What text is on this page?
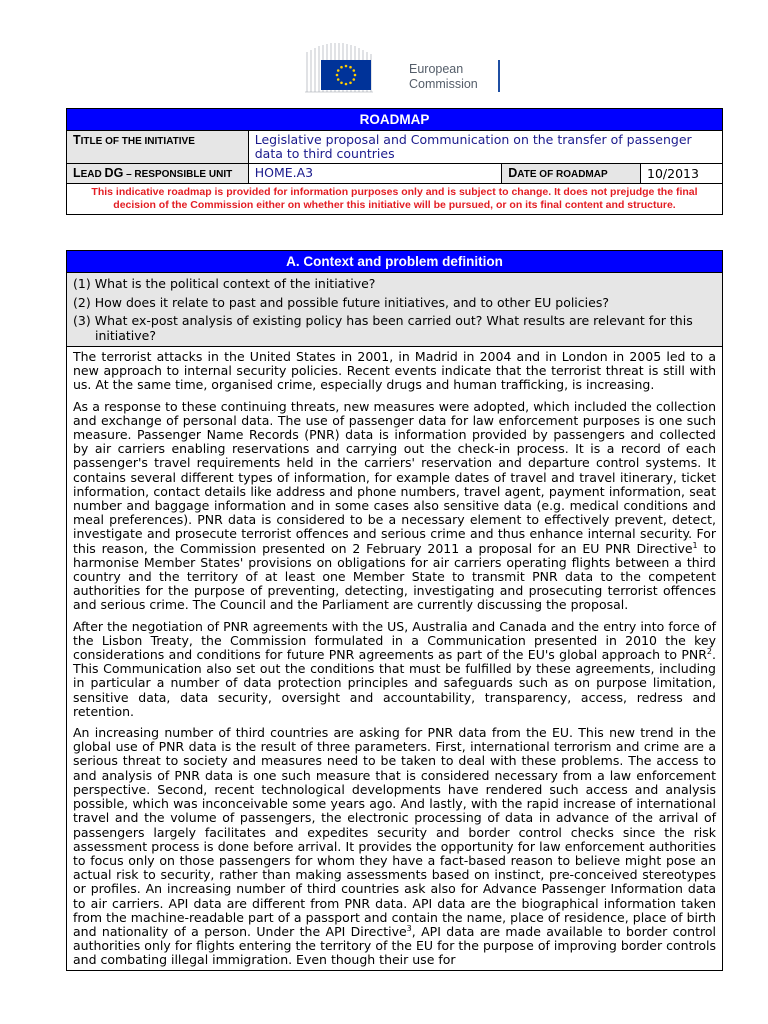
European
Commission
ROADMAP			
TITLE OF THE INITIATIVE	Legislative proposal and Communication on the transfer of passenger data to third countries		
LEAD DG – RESPONSIBLE UNIT	HOME.A3	DATE OF ROADMAP	10/2013
This indicative roadmap is provided for information purposes only and is subject to change. It does not prejudge the final decision of the Commission either on whether this initiative will be pursued, or on its final content and structure.			
A. Context and problem definition

(1) What is the political context of the initiative?
(2) How does it relate to past and possible future initiatives, and to other EU policies?
(3) What ex-post analysis of existing policy has been carried out? What results are relevant for this initiative?

The terrorist attacks in the United States in 2001, in Madrid in 2004 and in London in 2005 led to a new approach to internal security policies. Recent events indicate that the terrorist threat is still with us. At the same time, organised crime, especially drugs and human trafficking, is increasing.

As a response to these continuing threats, new measures were adopted, which included the collection and exchange of personal data. The use of passenger data for law enforcement purposes is one such measure. Passenger Name Records (PNR) data is information provided by passengers and collected by air carriers enabling reservations and carrying out the check-in process. It is a record of each passenger's travel requirements held in the carriers' reservation and departure control systems. It contains several different types of information, for example dates of travel and travel itinerary, ticket information, contact details like address and phone numbers, travel agent, payment information, seat number and baggage information and in some cases also sensitive data (e.g. medical conditions and meal preferences). PNR data is considered to be a necessary element to effectively prevent, detect, investigate and prosecute terrorist offences and serious crime and thus enhance internal security. For this reason, the Commission presented on 2 February 2011 a proposal for an EU PNR Directive$^1$ to harmonise Member States' provisions on obligations for air carriers operating flights between a third country and the territory of at least one Member State to transmit PNR data to the competent authorities for the purpose of preventing, detecting, investigating and prosecuting terrorist offences and serious crime. The Council and the Parliament are currently discussing the proposal.

After the negotiation of PNR agreements with the US, Australia and Canada and the entry into force of the Lisbon Treaty, the Commission formulated in a Communication presented in 2010 the key considerations and conditions for future PNR agreements as part of the EU's global approach to PNR$^2$. This Communication also set out the conditions that must be fulfilled by these agreements, including in particular a number of data protection principles and safeguards such as on purpose limitation, sensitive data, data security, oversight and accountability, transparency, access, redress and retention.

An increasing number of third countries are asking for PNR data from the EU. This new trend in the global use of PNR data is the result of three parameters. First, international terrorism and crime are a serious threat to society and measures need to be taken to deal with these problems. The access to and analysis of PNR data is one such measure that is considered necessary from a law enforcement perspective. Second, recent technological developments have rendered such access and analysis possible, which was inconceivable some years ago. And lastly, with the rapid increase of international travel and the volume of passengers, the electronic processing of data in advance of the arrival of passengers largely facilitates and expedites security and border control checks since the risk assessment process is done before arrival. It provides the opportunity for law enforcement authorities to focus only on those passengers for whom they have a fact-based reason to believe might pose an actual risk to security, rather than making assessments based on instinct, pre-conceived stereotypes or profiles. An increasing number of third countries ask also for Advance Passenger Information data to air carriers. API data are different from PNR data. API data are the biographical information taken from the machine-readable part of a passport and contain the name, place of residence, place of birth and nationality of a person. Under the API Directive$^3$, API data are made available to border control authorities only for flights entering the territory of the EU for the purpose of improving border controls and combating illegal immigration. Even though their use for
